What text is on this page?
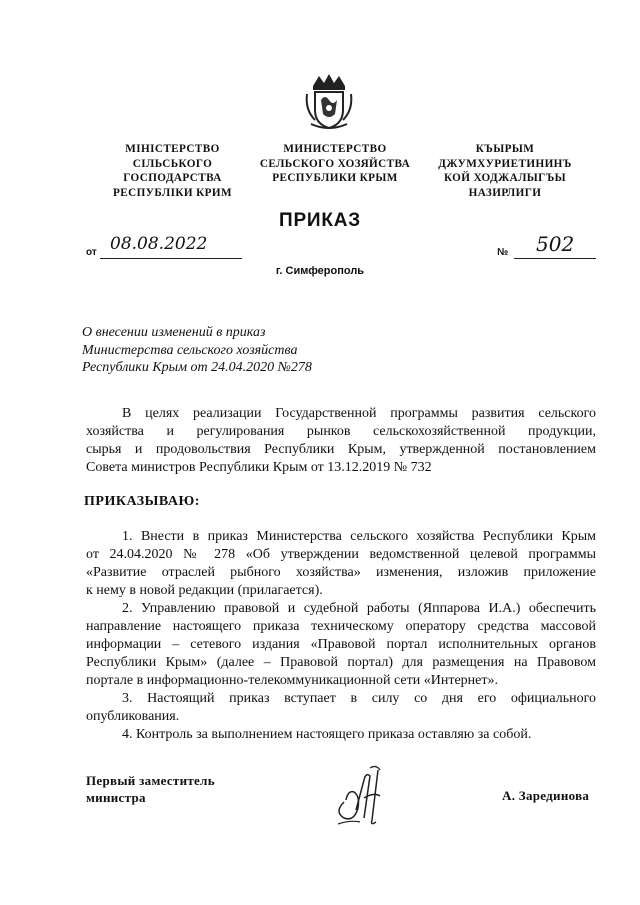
МІНІСТЕРСТВО
СІЛЬСЬКОГО
ГОСПОДАРСТВА
РЕСПУБЛІКИ КРИМ
МИНИСТЕРСТВО
СЕЛЬСКОГО ХОЗЯЙСТВА
РЕСПУБЛИКИ КРЫМ
КЪЫРЫМ
ДЖУМХУРИЕТИНИНЪ
КОЙ ХОДЖАЛЫГЪЫ
НАЗИРЛИГИ
ПРИКАЗ
от 08.08.2022	№ 502
г. Симферополь
О внесении изменений в приказ
Министерства сельского хозяйства
Республики Крым от 24.04.2020 №278
В целях реализации Государственной программы развития сельского
хозяйства и регулирования рынков сельскохозяйственной продукции,
сырья и продовольствия Республики Крым, утвержденной постановлением
Совета министров Республики Крым от 13.12.2019 № 732
ПРИКАЗЫВАЮ:
1. Внести в приказ Министерства сельского хозяйства Республики Крым
от 24.04.2020 № 278 «Об утверждении ведомственной целевой программы
«Развитие отраслей рыбного хозяйства» изменения, изложив приложение
к нему в новой редакции (прилагается).
2. Управлению правовой и судебной работы (Яппарова И.А.) обеспечить
направление настоящего приказа техническому оператору средства массовой
информации – сетевого издания «Правовой портал исполнительных органов
Республики Крым» (далее – Правовой портал) для размещения на Правовом
портале в информационно-телекоммуникационной сети «Интернет».
3. Настоящий приказ вступает в силу со дня его официального
опубликования.
4. Контроль за выполнением настоящего приказа оставляю за собой.
Первый заместитель
министра	А. Зарединова
